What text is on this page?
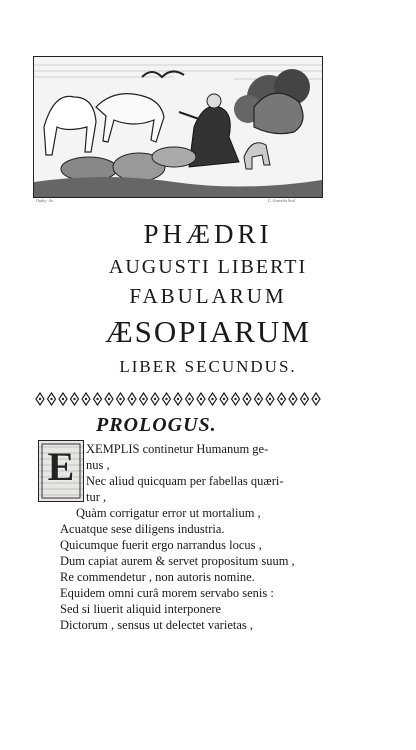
Oudry · In.	C. Gravelot Scul.
PHÆDRI
AUGUSTI LIBERTI
FABULARUM
ÆSOPIARUM
LIBER SECUNDUS.
PROLOGUS.
E XEMPLIS continetur Humanum ge-
nus ,
Nec aliud quicquam per fabellas quæri-
tur ,
Quàm corrigatur error ut mortalium ,
Acuatque sese diligens industria.
Quicumque fuerit ergo narrandus locus ,
Dum capiat aurem & servet propositum suum ,
Re commendetur , non autoris nomine.
Equidem omni curâ morem servabo senis :
Sed si liuerit aliquid interponere
Dictorum , sensus ut delectet varietas ,
